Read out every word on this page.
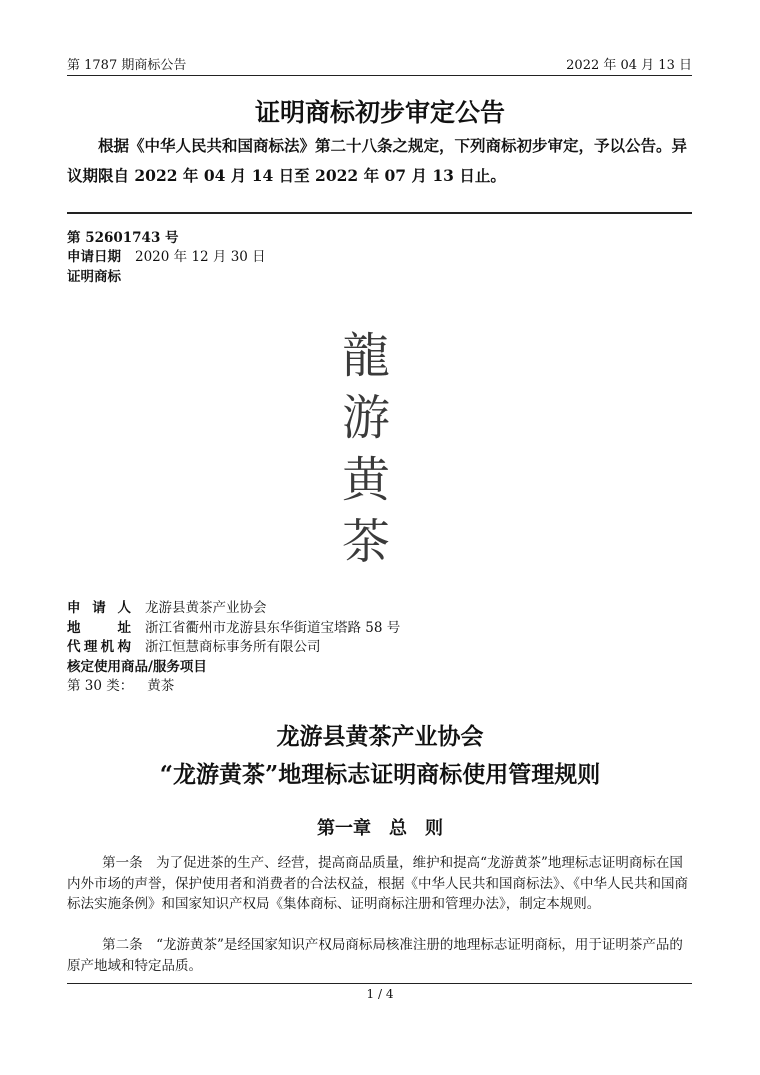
第 1787 期商标公告	2022 年 04 月 13 日
证明商标初步审定公告

根据《中华人民共和国商标法》第二十八条之规定，下列商标初步审定，予以公告。异议期限自 2022 年 04 月 14 日至 2022 年 07 月 13 日止。

第 52601743 号
申请日期 2020 年 12 月 30 日
证明商标
龍
游
黄
茶
申 请 人 龙游县黄茶产业协会
地　　址 浙江省衢州市龙游县东华街道宝塔路 58 号
代理机构 浙江恒慧商标事务所有限公司
核定使用商品/服务项目
第 30 类： 黄茶
龙游县黄茶产业协会
“龙游黄茶”地理标志证明商标使用管理规则
第一章　总　则

第一条　为了促进茶的生产、经营，提高商品质量，维护和提高“龙游黄茶”地理标志证明商标在国内外市场的声誉，保护使用者和消费者的合法权益，根据《中华人民共和国商标法》、《中华人民共和国商标法实施条例》和国家知识产权局《集体商标、证明商标注册和管理办法》，制定本规则。

第二条　“龙游黄茶”是经国家知识产权局商标局核准注册的地理标志证明商标，用于证明茶产品的原产地域和特定品质。

1 / 4
